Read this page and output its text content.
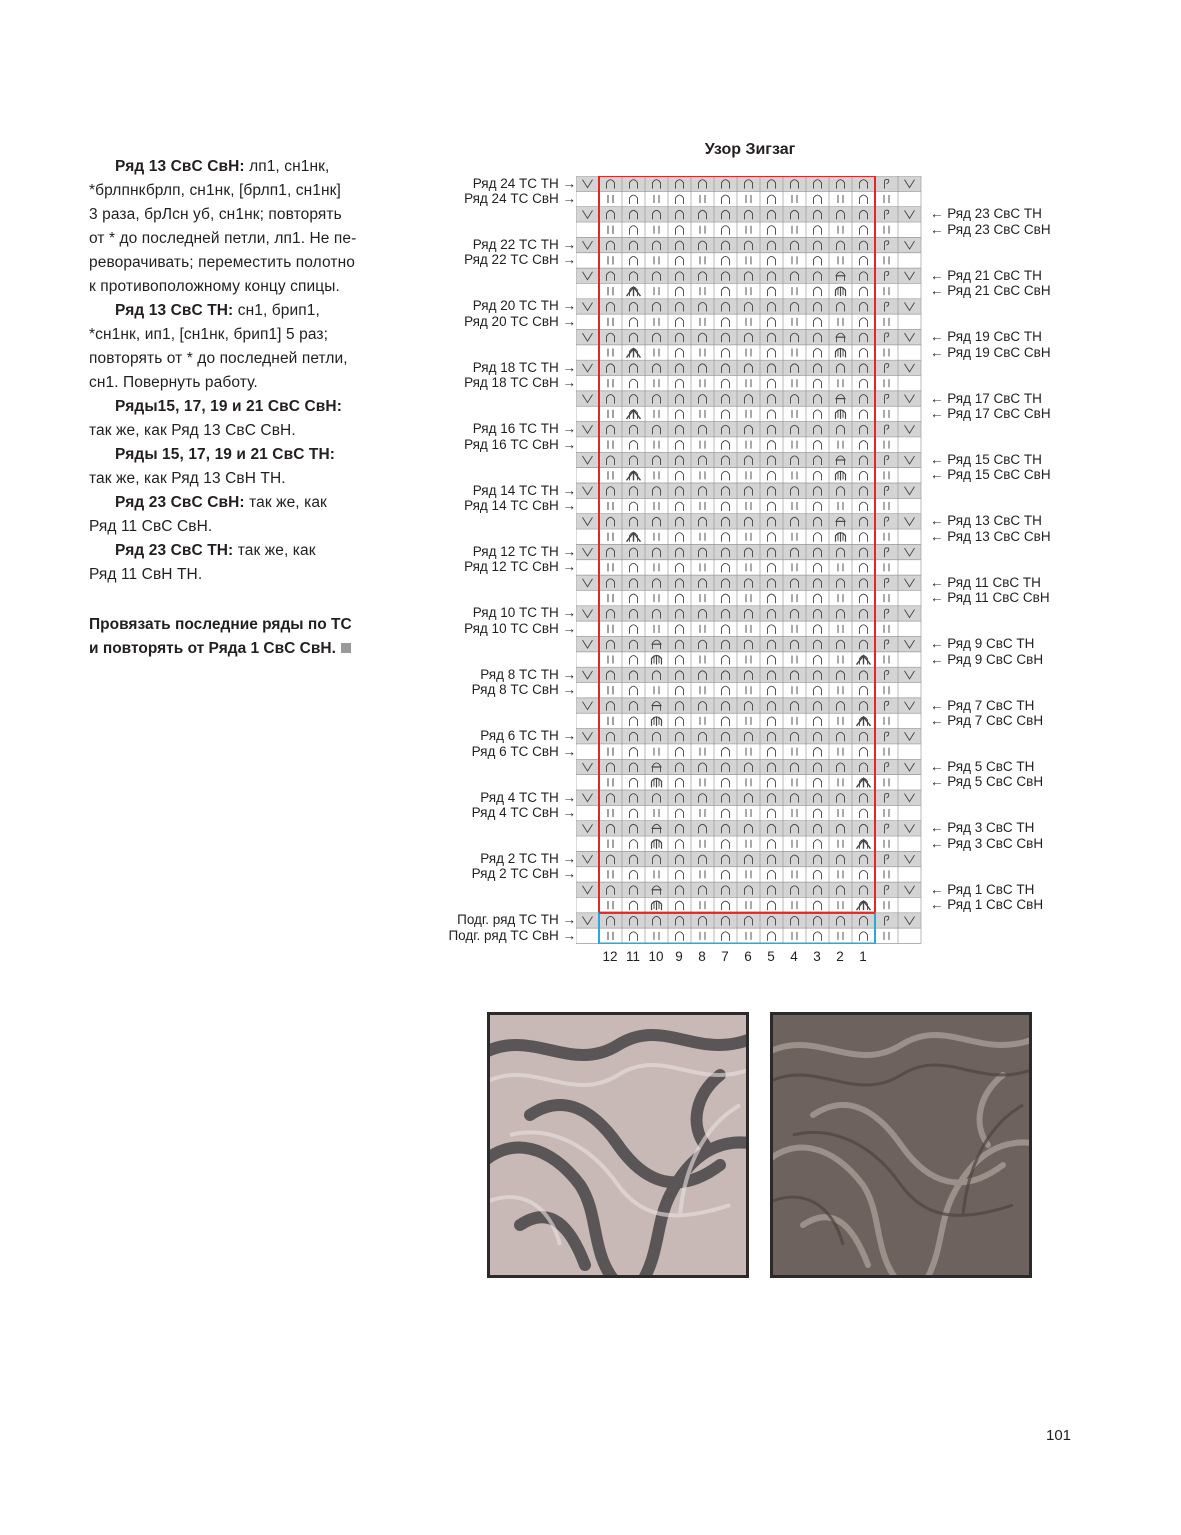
Ряд 13 СвС СвН: лп1, сн1нк,
*брлпнкбрлп, сн1нк, [брлп1, сн1нк]
3 раза, брЛсн уб, сн1нк; повторять
от * до последней петли, лп1. Не пе-
реворачивать; переместить полотно
к противоположному концу спицы.

Ряд 13 СвС ТН: сн1, брип1,
*сн1нк, ип1, [сн1нк, брип1] 5 раз;
повторять от * до последней петли,
сн1. Повернуть работу.

Ряды15, 17, 19 и 21 СвС СвН:
так же, как Ряд 13 СвС СвН.

Ряды 15, 17, 19 и 21 СвС ТН:
так же, как Ряд 13 СвН ТН.

Ряд 23 СвС СвН: так же, как
Ряд 11 СвС СвН.

Ряд 23 СвС ТН: так же, как
Ряд 11 СвН ТН.

Провязать последние ряды по ТС
и повторять от Ряда 1 СвС СвН.
Узор Зигзаг
Ряд 24 ТС ТН →
Ряд 24 ТС СвН →
Ряд 22 ТС ТН →
Ряд 22 ТС СвН →
Ряд 20 ТС ТН →
Ряд 20 ТС СвН →
Ряд 18 ТС ТН →
Ряд 18 ТС СвН →
Ряд 16 ТС ТН →
Ряд 16 ТС СвН →
Ряд 14 ТС ТН →
Ряд 14 ТС СвН →
Ряд 12 ТС ТН →
Ряд 12 ТС СвН →
Ряд 10 ТС ТН →
Ряд 10 ТС СвН →
Ряд 8 ТС ТН →
Ряд 8 ТС СвН →
Ряд 6 ТС ТН →
Ряд 6 ТС СвН →
Ряд 4 ТС ТН →
Ряд 4 ТС СвН →
Ряд 2 ТС ТН →
Ряд 2 ТС СвН →
Подг. ряд ТС ТН →
Подг. ряд ТС СвН →
← Ряд 23 СвС ТН
← Ряд 23 СвС СвН
← Ряд 21 СвС ТН
← Ряд 21 СвС СвН
← Ряд 19 СвС ТН
← Ряд 19 СвС СвН
← Ряд 17 СвС ТН
← Ряд 17 СвС СвН
← Ряд 15 СвС ТН
← Ряд 15 СвС СвН
← Ряд 13 СвС ТН
← Ряд 13 СвС СвН
← Ряд 11 СвС ТН
← Ряд 11 СвС СвН
← Ряд 9 СвС ТН
← Ряд 9 СвС СвН
← Ряд 7 СвС ТН
← Ряд 7 СвС СвН
← Ряд 5 СвС ТН
← Ряд 5 СвС СвН
← Ряд 3 СвС ТН
← Ряд 3 СвС СвН
← Ряд 1 СвС ТН
← Ряд 1 СвС СвН
12 11 10 9	8	7	6	5	4	3	2	1
101
